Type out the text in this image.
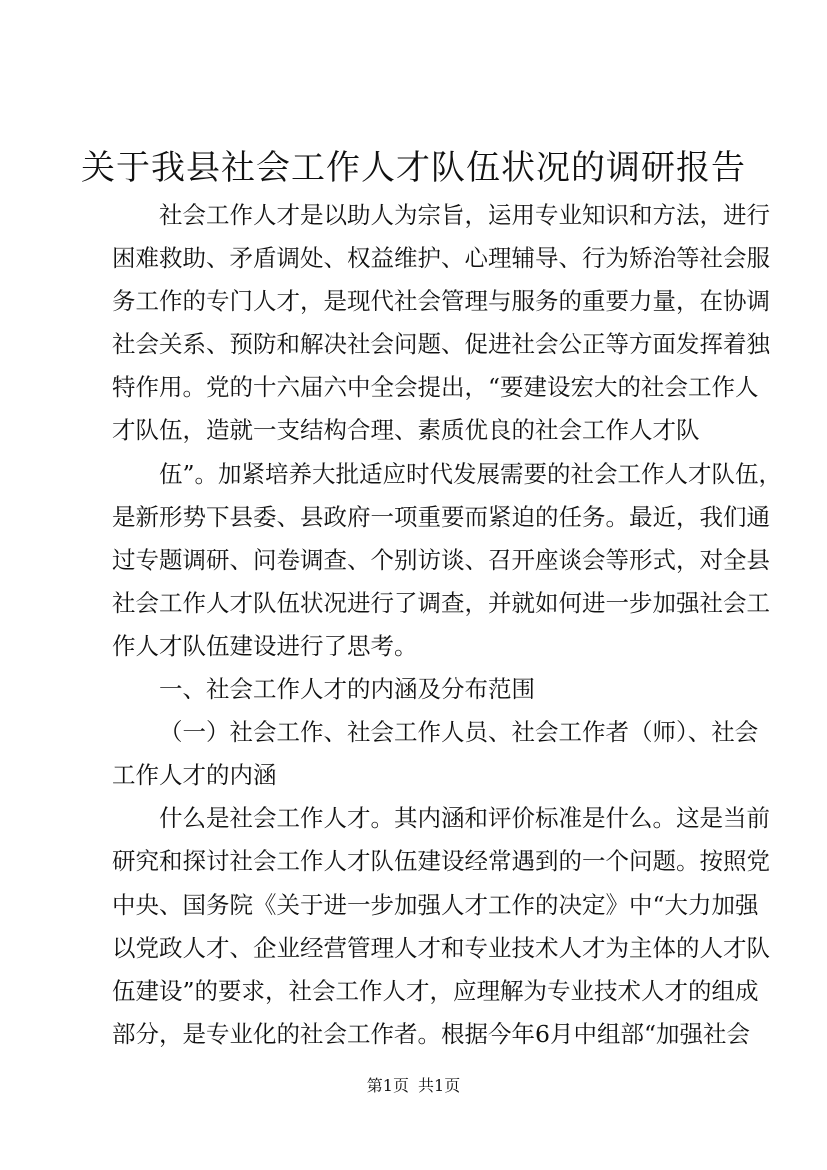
关于我县社会工作人才队伍状况的调研报告
社会工作人才是以助人为宗旨，运用专业知识和方法，进行
困难救助、矛盾调处、权益维护、心理辅导、行为矫治等社会服
务工作的专门人才，是现代社会管理与服务的重要力量，在协调
社会关系、预防和解决社会问题、促进社会公正等方面发挥着独
特作用。党的十六届六中全会提出，“要建设宏大的社会工作人
才队伍，造就一支结构合理、素质优良的社会工作人才队
伍”。加紧培养大批适应时代发展需要的社会工作人才队伍，
是新形势下县委、县政府一项重要而紧迫的任务。最近，我们通
过专题调研、问卷调查、个别访谈、召开座谈会等形式，对全县
社会工作人才队伍状况进行了调查，并就如何进一步加强社会工
作人才队伍建设进行了思考。
一、社会工作人才的内涵及分布范围
（一）社会工作、社会工作人员、社会工作者（师）、社会
工作人才的内涵
什么是社会工作人才。其内涵和评价标准是什么。这是当前
研究和探讨社会工作人才队伍建设经常遇到的一个问题。按照党
中央、国务院《关于进一步加强人才工作的决定》中“大力加强
以党政人才、企业经营管理人才和专业技术人才为主体的人才队
伍建设”的要求，社会工作人才，应理解为专业技术人才的组成
部分，是专业化的社会工作者。根据今年6月中组部“加强社会
第1页 共1页
